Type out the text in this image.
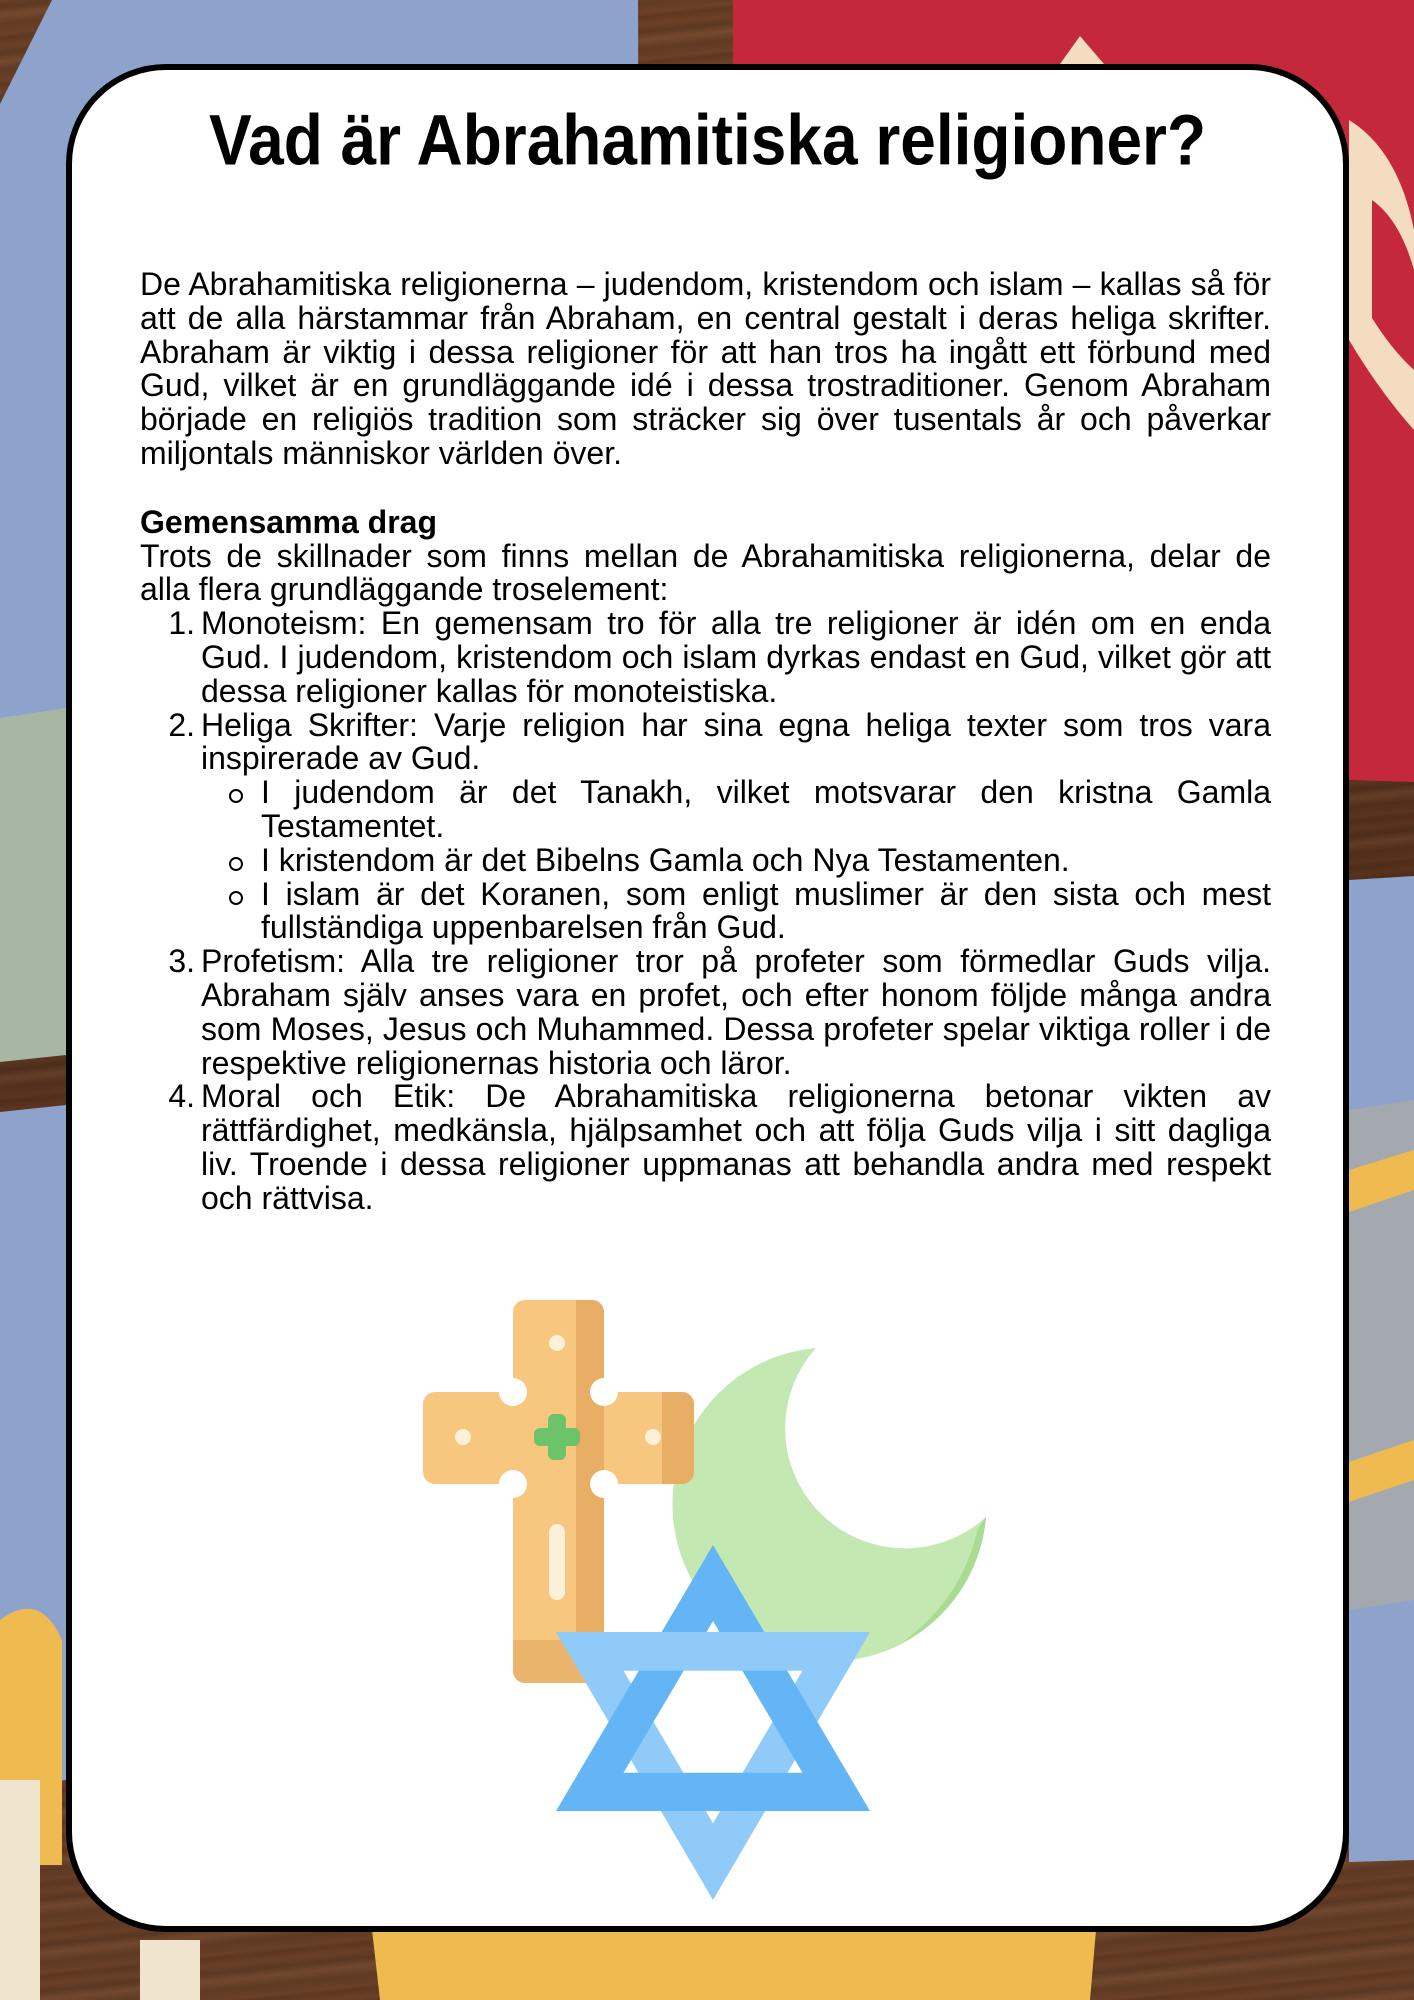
Vad är Abrahamitiska religioner?

De Abrahamitiska religionerna – judendom, kristendom och islam – kallas så för att de alla härstammar från Abraham, en central gestalt i deras heliga skrifter. Abraham är viktig i dessa religioner för att han tros ha ingått ett förbund med Gud, vilket är en grundläggande idé i dessa trostraditioner. Genom Abraham började en religiös tradition som sträcker sig över tusentals år och påverkar miljontals människor världen över.

Gemensamma drag

Trots de skillnader som finns mellan de Abrahamitiska religionerna, delar de alla flera grundläggande troselement:

1. Monoteism: En gemensam tro för alla tre religioner är idén om en enda Gud. I judendom, kristendom och islam dyrkas endast en Gud, vilket gör att dessa religioner kallas för monoteistiska.
2. Heliga Skrifter: Varje religion har sina egna heliga texter som tros vara inspirerade av Gud.
I judendom är det Tanakh, vilket motsvarar den kristna Gamla Testamentet.
I kristendom är det Bibelns Gamla och Nya Testamenten.
I islam är det Koranen, som enligt muslimer är den sista och mest fullständiga uppenbarelsen från Gud.
3. Profetism: Alla tre religioner tror på profeter som förmedlar Guds vilja. Abraham själv anses vara en profet, och efter honom följde många andra som Moses, Jesus och Muhammed. Dessa profeter spelar viktiga roller i de respektive religionernas historia och läror.
4. Moral och Etik: De Abrahamitiska religionerna betonar vikten av rättfärdighet, medkänsla, hjälpsamhet och att följa Guds vilja i sitt dagliga liv. Troende i dessa religioner uppmanas att behandla andra med respekt och rättvisa.
